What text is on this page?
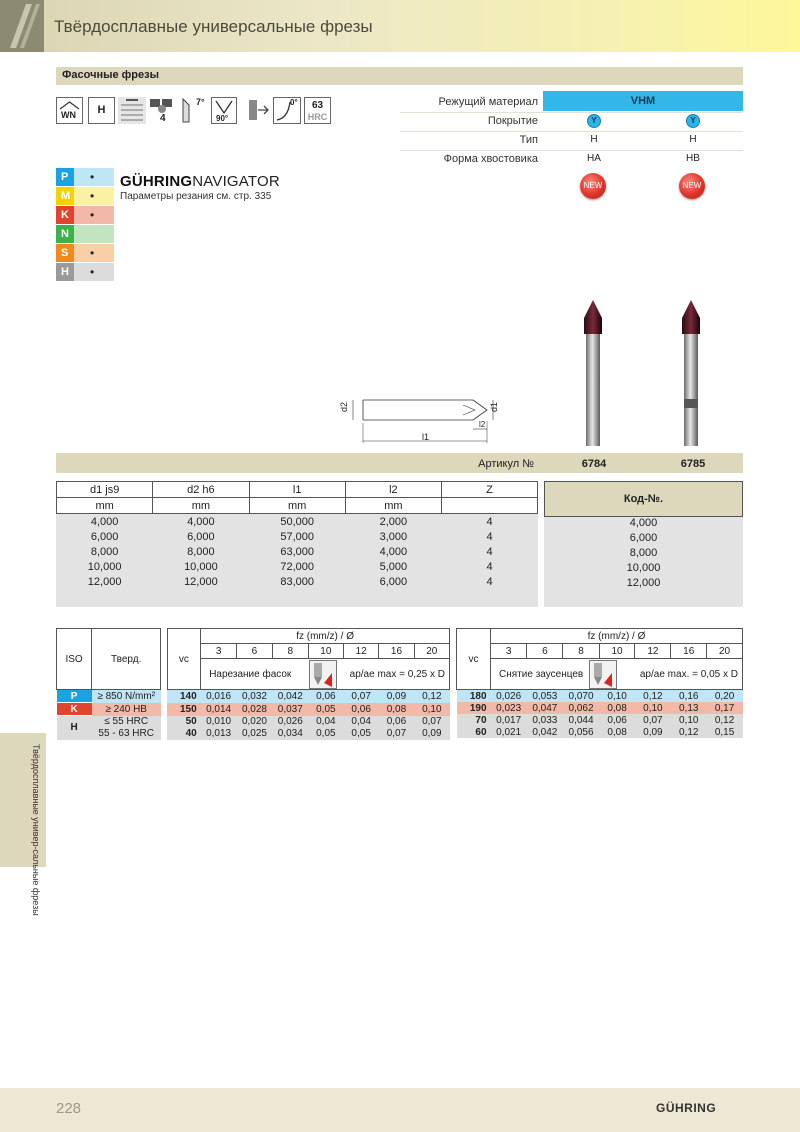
Твёрдосплавные универсальные фрезы
Фасочные фрезы
WN	H
4
7°
90°
0°	63
HRC
Режущий материал	VHM
Покрытие	Y	Y
Тип	H	H
Форма хвостовика	HA	HB
NEW	NEW
P •
M •
K •
N
S •
H •
GÜHRINGNAVIGATOR
Параметры резания см. стр. 335
d2	d1
l1
l2
Артикул №	6784	6785
d1 js9	d2 h6	l1	l2	Z
mm	mm	mm	mm	
4,000	4,000	50,000	2,000	4
6,000	6,000	57,000	3,000	4
8,000	8,000	63,000	4,000	4
10,000	10,000	72,000	5,000	4
12,000	12,000	83,000	6,000	4
Код-№.
4,000
6,000
8,000
10,000
12,000
ISO	Тверд.		vc	fz (mm/z) / Ø						
				3	6	8	10	12	16	20

				Нарезание фасок ap/ae max = 0,25 x D						

P	≥ 850 N/mm²		140	0,016	0,032	0,042	0,06	0,07	0,09	0,12
K	≥ 240 HB		150	0,014	0,028	0,037	0,05	0,06	0,08	0,10
H	≤ 55 HRC		50	0,010	0,020	0,026	0,04	0,04	0,06	0,07
	55 - 63 HRC		40	0,013	0,025	0,034	0,05	0,05	0,07	0,09
vc	fz (mm/z) / Ø						
	3	6	8	10	12	16	20

	Снятие заусенцев ap/ae max. = 0,05 x D						

180	0,026	0,053	0,070	0,10	0,12	0,16	0,20
190	0,023	0,047	0,062	0,08	0,10	0,13	0,17
70	0,017	0,033	0,044	0,06	0,07	0,10	0,12
60	0,021	0,042	0,056	0,08	0,09	0,12	0,15
Твёрдосплавные универ-сальные фрезы
228	GÜHRING
